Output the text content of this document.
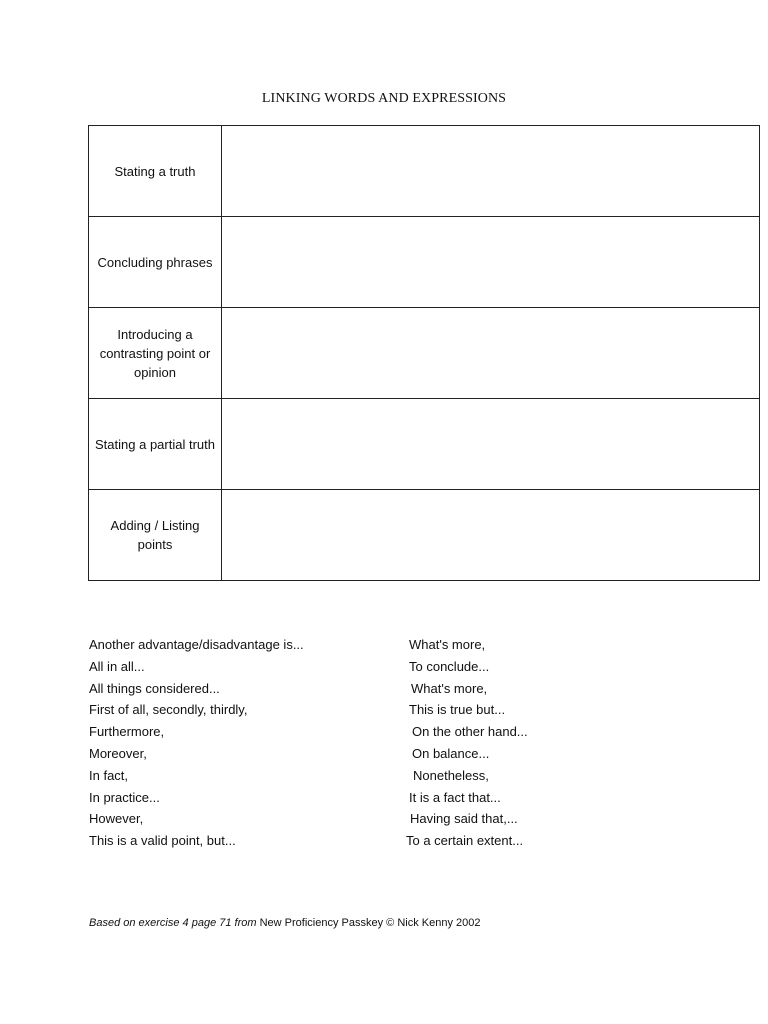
LINKING WORDS AND EXPRESSIONS
Stating a truth	
Concluding phrases	
Introducing a contrasting point or opinion	
Stating a partial truth	
Adding / Listing points	
Another advantage/disadvantage is...
All in all...
All things considered...
First of all, secondly, thirdly,
Furthermore,
Moreover,
In fact,
In practice...
However,
This is a valid point, but...
What's more,
To conclude...
What's more,
This is true but...
On the other hand...
On balance...
Nonetheless,
It is a fact that...
Having said that,...
To a certain extent...
Based on exercise 4 page 71 from New Proficiency Passkey © Nick Kenny 2002
